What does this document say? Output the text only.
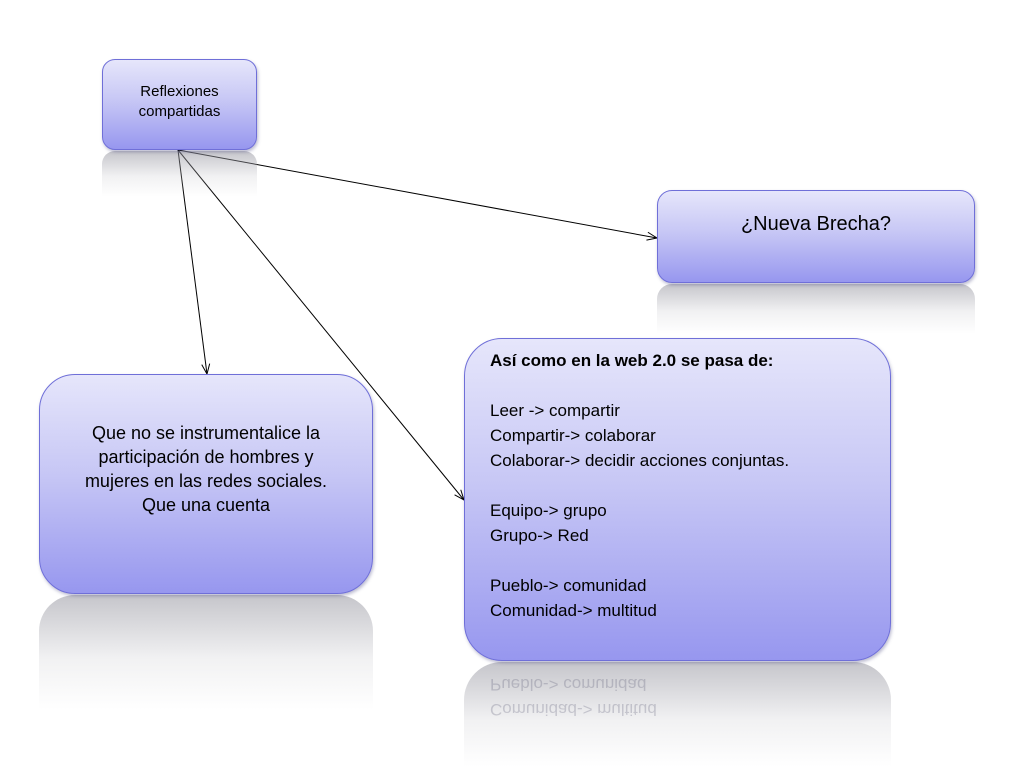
Reflexiones
compartidas
¿Nueva Brecha?
Que no se instrumentalice la
participación de hombres y
mujeres en las redes sociales.
Que una cuenta
Comunidad-> multitud
Pueblo-> comunidad
Así como en la web 2.0 se pasa de:
Leer -> compartir
Compartir-> colaborar
Colaborar-> decidir acciones conjuntas.
Equipo-> grupo
Grupo-> Red
Pueblo-> comunidad
Comunidad-> multitud
